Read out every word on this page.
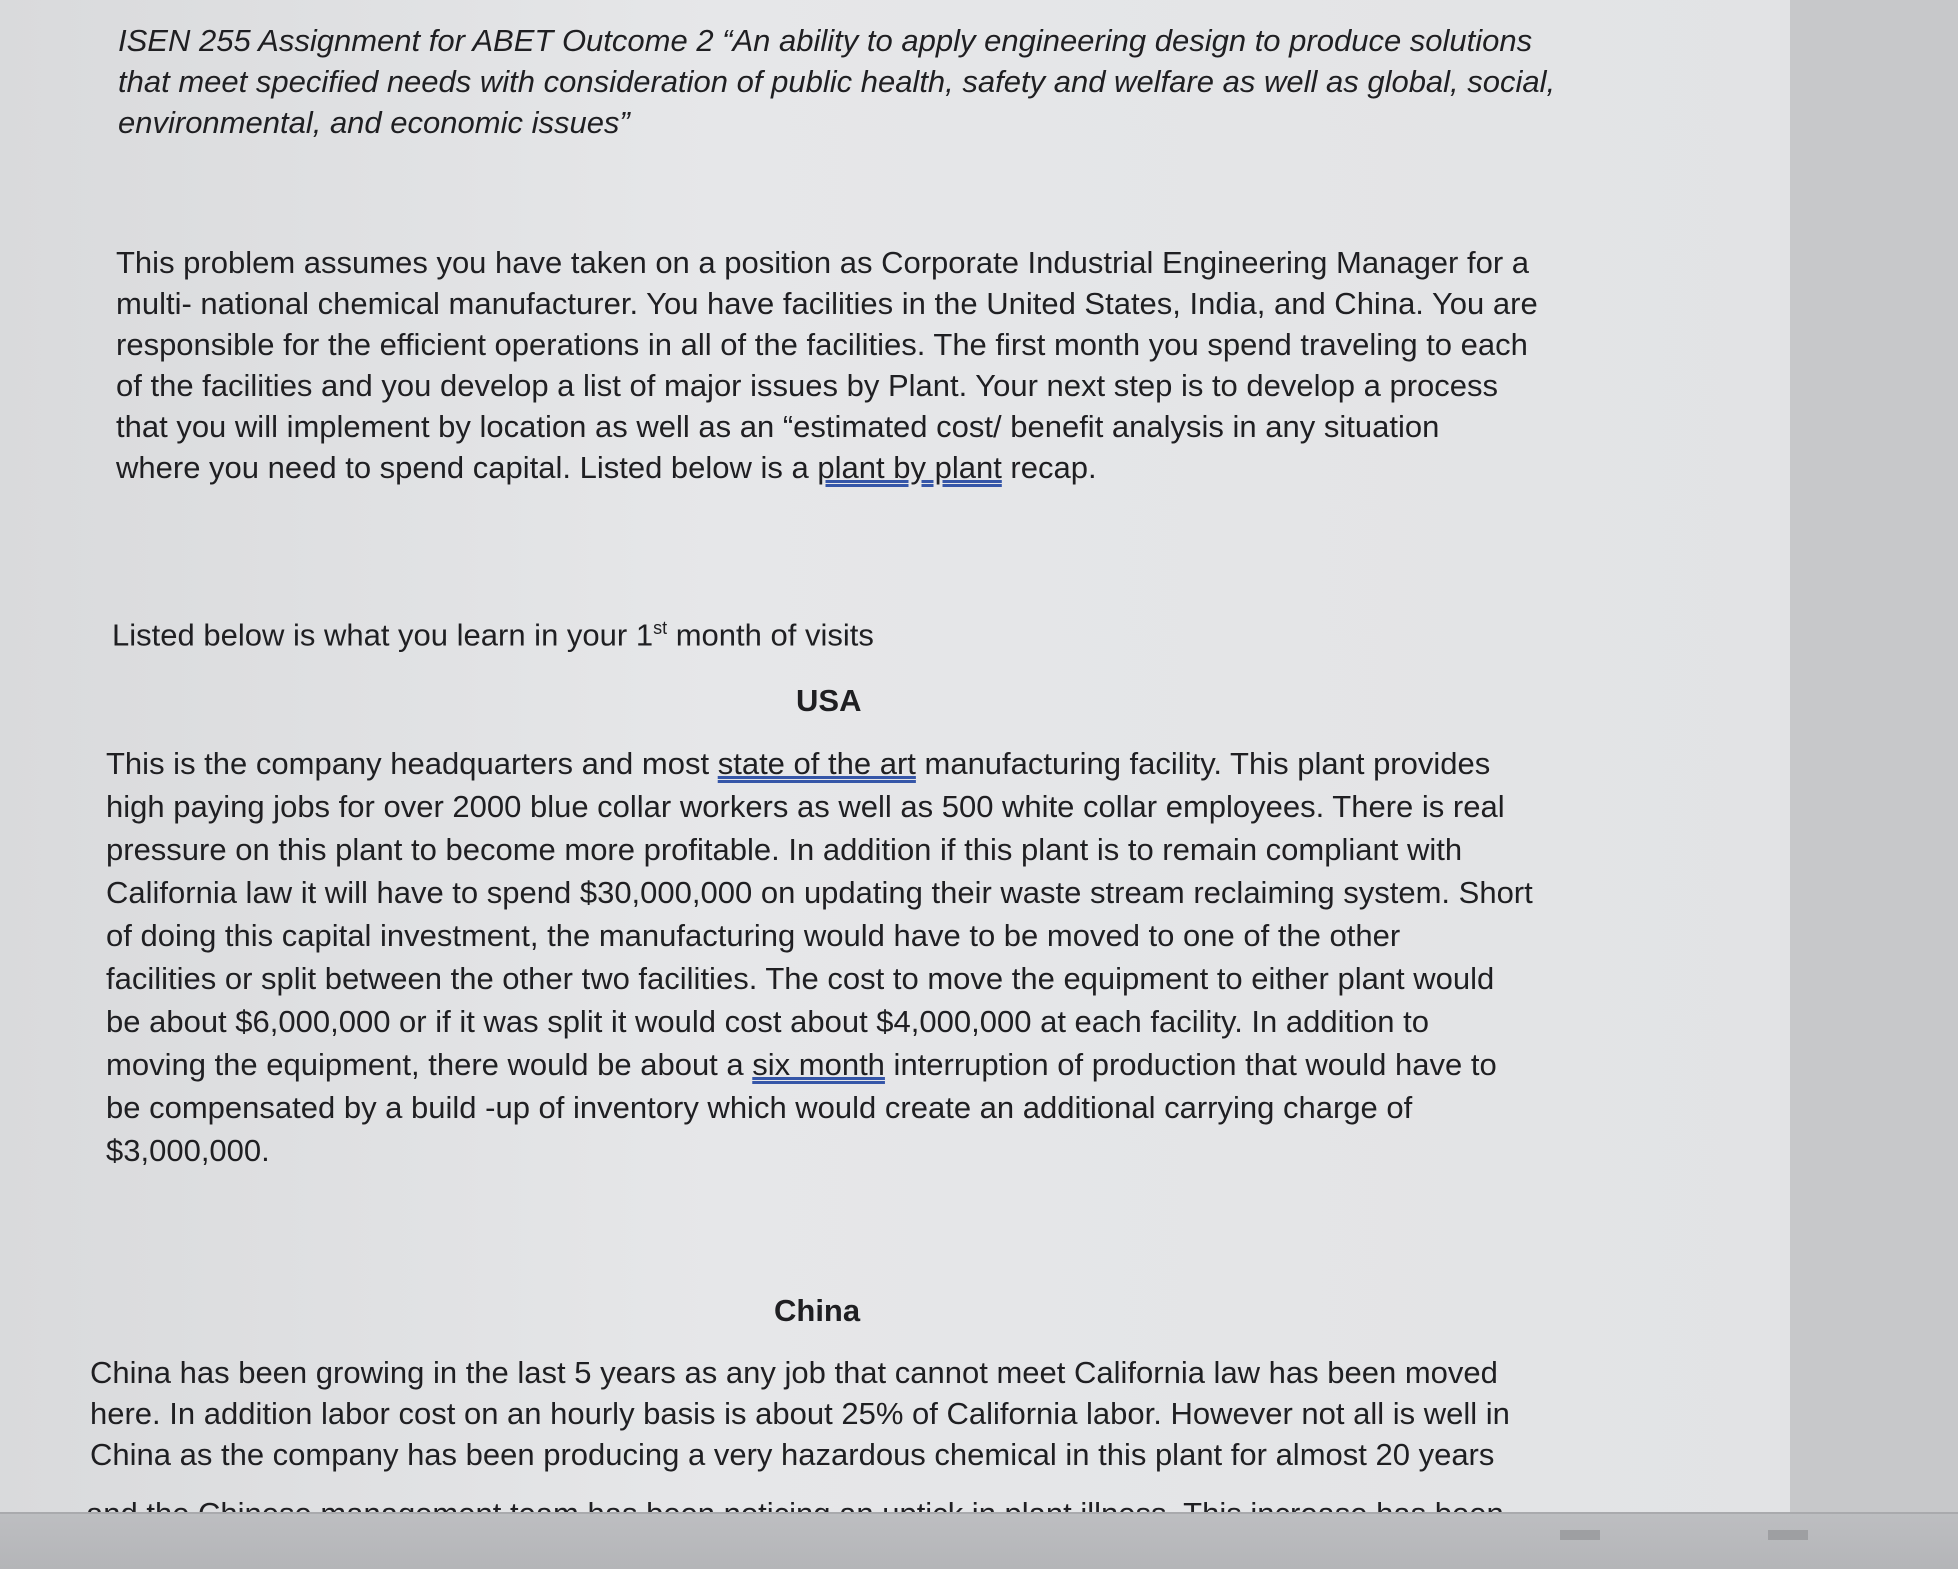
ISEN 255 Assignment for ABET Outcome 2 “An ability to apply engineering design to produce solutions
that meet specified needs with consideration of public health, safety and welfare as well as global, social,
environmental, and economic issues”
This problem assumes you have taken on a position as Corporate Industrial Engineering Manager for a
multi- national chemical manufacturer. You have facilities in the United States, India, and China. You are
responsible for the efficient operations in all of the facilities. The first month you spend traveling to each
of the facilities and you develop a list of major issues by Plant. Your next step is to develop a process
that you will implement by location as well as an “estimated cost/ benefit analysis in any situation
where you need to spend capital. Listed below is a plant by plant recap.
Listed below is what you learn in your 1st month of visits
USA
This is the company headquarters and most state of the art manufacturing facility. This plant provides
high paying jobs for over 2000 blue collar workers as well as 500 white collar employees. There is real
pressure on this plant to become more profitable. In addition if this plant is to remain compliant with
California law it will have to spend $30,000,000 on updating their waste stream reclaiming system. Short
of doing this capital investment, the manufacturing would have to be moved to one of the other
facilities or split between the other two facilities. The cost to move the equipment to either plant would
be about $6,000,000 or if it was split it would cost about $4,000,000 at each facility. In addition to
moving the equipment, there would be about a six month interruption of production that would have to
be compensated by a build -up of inventory which would create an additional carrying charge of
$3,000,000.
China
China has been growing in the last 5 years as any job that cannot meet California law has been moved
here. In addition labor cost on an hourly basis is about 25% of California labor. However not all is well in
China as the company has been producing a very hazardous chemical in this plant for almost 20 years
